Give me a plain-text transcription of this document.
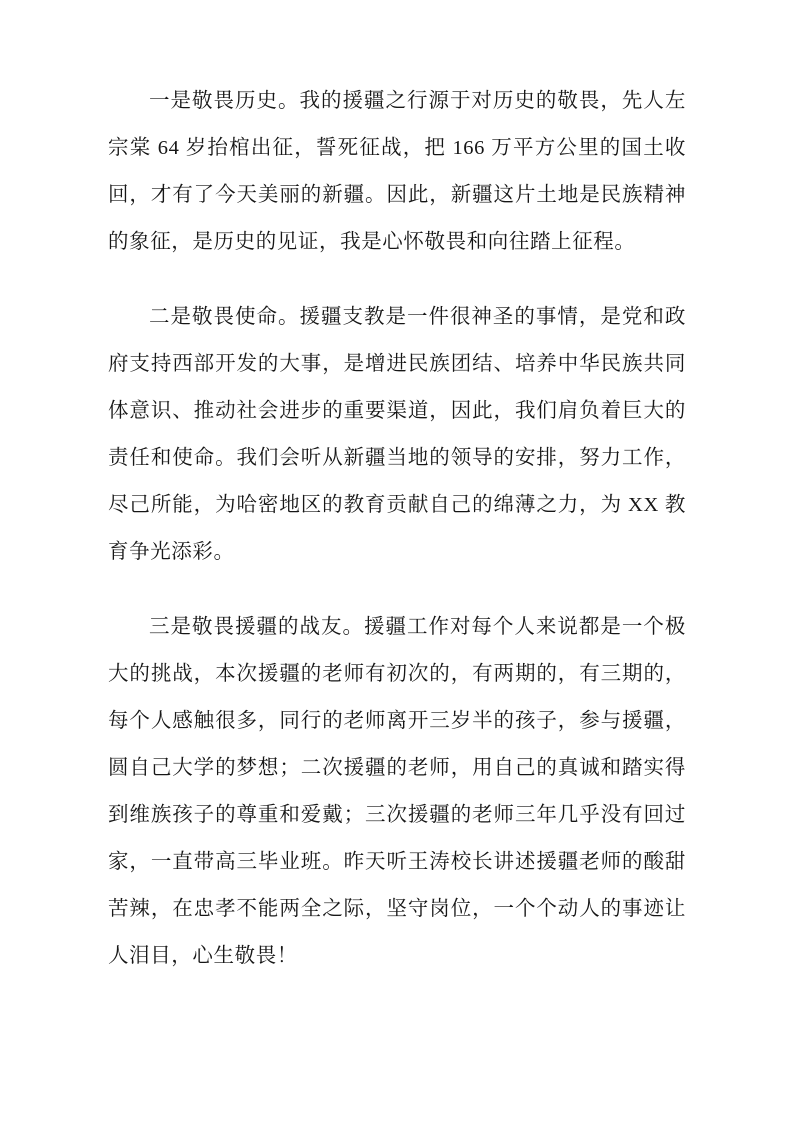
一是敬畏历史。我的援疆之行源于对历史的敬畏，先人左宗棠 64 岁抬棺出征，誓死征战，把 166 万平方公里的国土收回，才有了今天美丽的新疆。因此，新疆这片土地是民族精神的象征，是历史的见证，我是心怀敬畏和向往踏上征程。

二是敬畏使命。援疆支教是一件很神圣的事情，是党和政府支持西部开发的大事，是增进民族团结、培养中华民族共同体意识、推动社会进步的重要渠道，因此，我们肩负着巨大的责任和使命。我们会听从新疆当地的领导的安排，努力工作，尽己所能，为哈密地区的教育贡献自己的绵薄之力，为 XX 教育争光添彩。

三是敬畏援疆的战友。援疆工作对每个人来说都是一个极大的挑战，本次援疆的老师有初次的，有两期的，有三期的，每个人感触很多，同行的老师离开三岁半的孩子，参与援疆，圆自己大学的梦想；二次援疆的老师，用自己的真诚和踏实得到维族孩子的尊重和爱戴；三次援疆的老师三年几乎没有回过家，一直带高三毕业班。昨天听王涛校长讲述援疆老师的酸甜苦辣，在忠孝不能两全之际，坚守岗位，一个个动人的事迹让人泪目，心生敬畏！
